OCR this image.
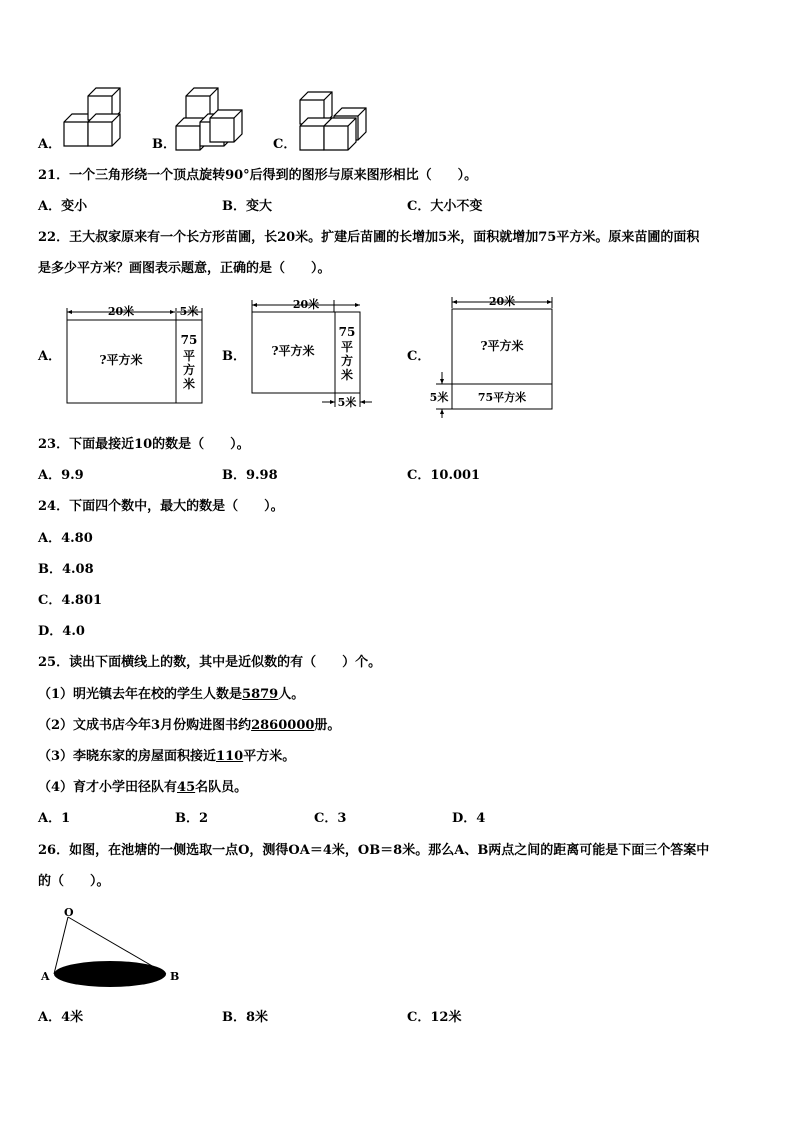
A．	B．	C．
21．一个三角形绕一个顶点旋转90°后得到的图形与原来图形相比（　　）。
A．变小	B．变大	C．大小不变
22．王大叔家原来有一个长方形苗圃，长20米。扩建后苗圃的长增加5米，面积就增加75平方米。原来苗圃的面积
是多少平方米？画图表示题意，正确的是（　　）。
A．	B．	C．
20米	5米
?平方米
75
平
方
米
20米
?平方米
75
平
方
米
5米
20米
?平方米
75平方米
5米
23．下面最接近10的数是（　　）。
A．9.9	B．9.98	C．10.001
24．下面四个数中，最大的数是（　　）。
A．4.80
B．4.08
C．4.801
D．4.0
25．读出下面横线上的数，其中是近似数的有（　　）个。
（1）明光镇去年在校的学生人数是5879人。
（2）文成书店今年3月份购进图书约2860000册。
（3）李晓东家的房屋面积接近110平方米。
（4）育才小学田径队有45名队员。
A．1	B．2	C．3	D．4
26．如图，在池塘的一侧选取一点O，测得OA＝4米，OB＝8米。那么A、B两点之间的距离可能是下面三个答案中
的（　　）。
O
A	B
A．4米	B．8米	C．12米
